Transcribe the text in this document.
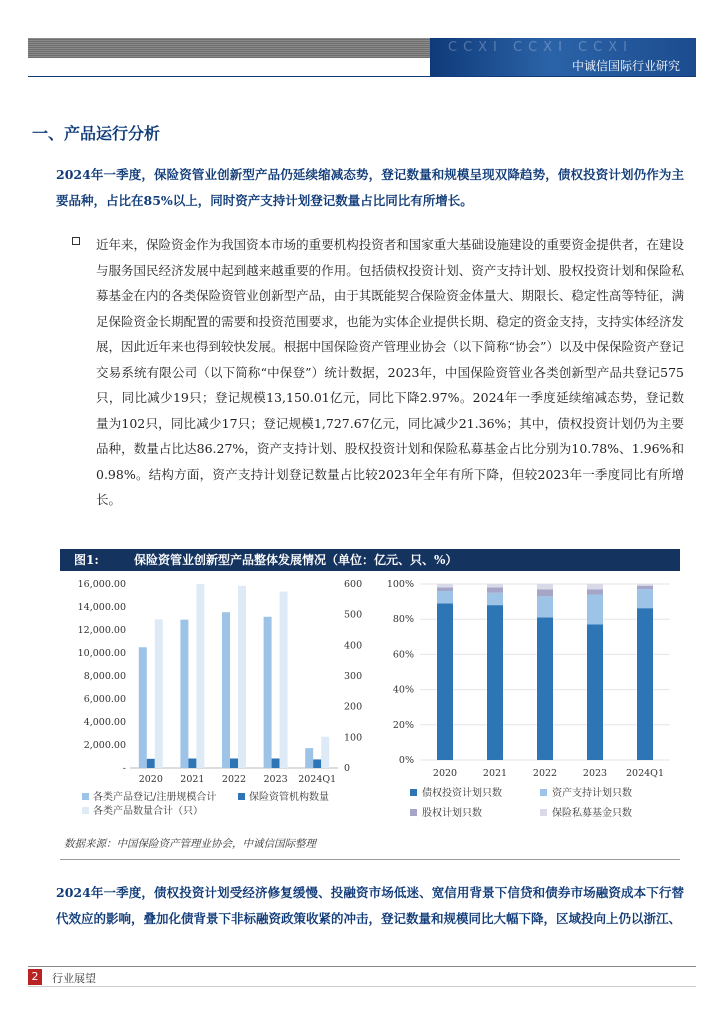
CCXI CCXI CCXI
中诚信国际行业研究
一、产品运行分析
2024年一季度，保险资管业创新型产品仍延续缩减态势，登记数量和规模呈现双降趋势，债权投资计划仍作为主要品种，占比在85%以上，同时资产支持计划登记数量占比同比有所增长。
近年来，保险资金作为我国资本市场的重要机构投资者和国家重大基础设施建设的重要资金提供者，在建设与服务国民经济发展中起到越来越重要的作用。包括债权投资计划、资产支持计划、股权投资计划和保险私募基金在内的各类保险资管业创新型产品，由于其既能契合保险资金体量大、期限长、稳定性高等特征，满足保险资金长期配置的需要和投资范围要求，也能为实体企业提供长期、稳定的资金支持，支持实体经济发展，因此近年来也得到较快发展。根据中国保险资产管理业协会（以下简称“协会”）以及中保保险资产登记交易系统有限公司（以下简称“中保登”）统计数据，2023年，中国保险资管业各类创新型产品共登记575只，同比减少19只；登记规模13,150.01亿元，同比下降2.97%。2024年一季度延续缩减态势，登记数量为102只，同比减少17只；登记规模1,727.67亿元，同比减少21.36%；其中，债权投资计划仍为主要品种，数量占比达86.27%，资产支持计划、股权投资计划和保险私募基金占比分别为10.78%、1.96%和0.98%。结构方面，资产支持计划登记数量占比较2023年全年有所下降，但较2023年一季度同比有所增长。
图1:	保险资管业创新型产品整体发展情况（单位：亿元、只、%）
16,000.00
14,000.00
12,000.00
10,000.00
8,000.00
6,000.00
4,000.00
2,000.00
-
600
500
400
300
200
100
0
2020 2021 2022 2023 2024Q1
各类产品登记/注册规模合计	保险资管机构数量
各类产品数量合计（只）
100%
80%
60%
40%
20%
0%
2020	2021	2022	2023 2024Q1
债权投资计划只数	资产支持计划只数
股权计划只数	保险私募基金只数
数据来源：中国保险资产管理业协会，中诚信国际整理
2024年一季度，债权投资计划受经济修复缓慢、投融资市场低迷、宽信用背景下信贷和债券市场融资成本下行替代效应的影响，叠加化债背景下非标融资政策收紧的冲击，登记数量和规模同比大幅下降，区域投向上仍以浙江、
2	行业展望
